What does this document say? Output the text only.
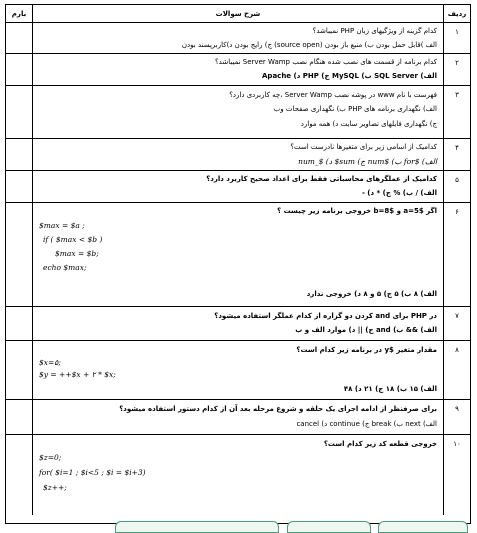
بارم	شرح سوالات	ردیف
کدام گزینه از ویژگیهای زبان PHP نمیباشد؟
الف )قابل حمل بودن ب) منبع باز بودن (source open) ج) رایج بودن د)کاربرپسند بودن
۱
کدام برنامه از قسمت های نصب شده هنگام نصب Server Wamp نمیباشد؟
الف) SQL Server ب) MySQL ج) PHP د) Apache
۲
فهرست با نام www در پوشه نصب Server Wamp ،چه کاربردی دارد؟
الف) نگهداری برنامه های PHP ب) نگهداری صفحات وب
ج) نگهداری فایلهای تصاویر سایت د) همه موارد
۳
کدامیک از اسامی زیر برای متغیرها نادرست است؟
الف) $for ب) $num ج) sum$ د) $_num
۴
کدامیک از عملگرهای محاسباتی فقط برای اعداد صحیح کاربرد دارد؟
الف) / ب) % ج) * د) -
۵
اگر $a=5 و $b=8 خروجی برنامه زیر چیست ؟
$max = $a ;
if ( $max < $b )
$max = $b;
echo $max;
الف) ۸ ب) ۵ ج) ۵ و ۸ د) خروجی ندارد
۶
در PHP برای and کردن دو گزاره از کدام عملگر استفاده میشود؟
الف) && ب) and ج) || د) موارد الف و ب
۷
مقدار متغیر $y در برنامه زیر کدام است؟
$x=۵;
$y = ++$x + ۲ * $x;
الف) ۱۵ ب) ۱۸ ج) ۲۱ د) ۴۸
۸
برای صرفنظر از ادامه اجرای یک حلقه و شروع مرحله بعد آن از کدام دستور استفاده میشود؟
الف) next ب) break ج) continue د) cancel
۹
خروجی قطعه کد زیر کدام است؟
$z=0;
for( $i=1 ; $i<5 ; $i = $i+3)
$z++;
۱۰
